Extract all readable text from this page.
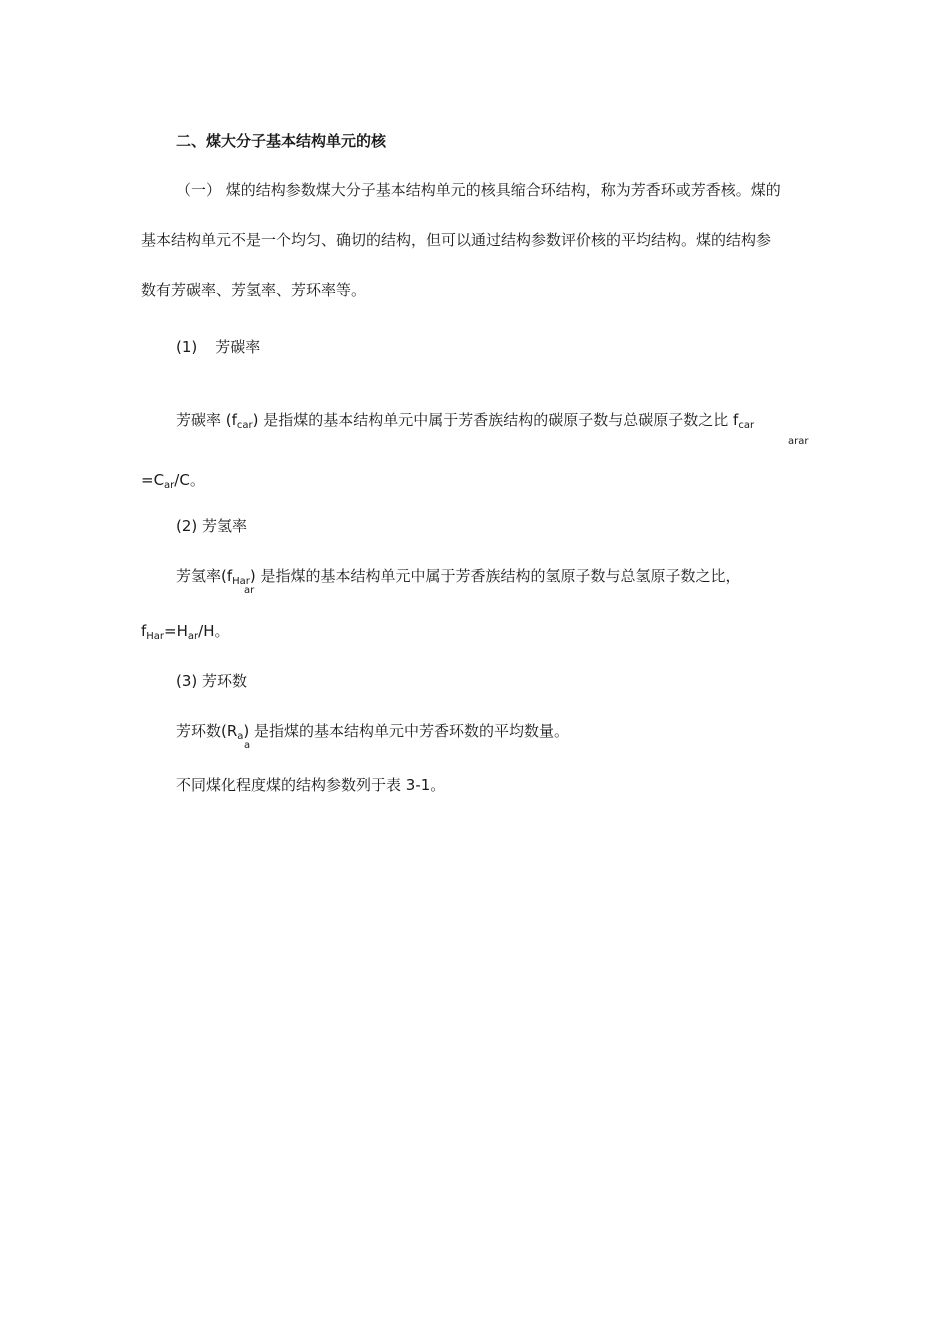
二、煤大分子基本结构单元的核
（一） 煤的结构参数煤大分子基本结构单元的核具缩合环结构，称为芳香环或芳香核。煤的
基本结构单元不是一个均匀、确切的结构，但可以通过结构参数评价核的平均结构。煤的结构参
数有芳碳率、芳氢率、芳环率等。
(1) 芳碳率
芳碳率 $(f_{car})$ 是指煤的基本结构单元中属于芳香族结构的碳原子数与总碳原子数之比 $f_{car}$
arar
$=C_{ar}/C$。
(2) 芳氢率
芳氢率$(f_{Har})$ 是指煤的基本结构单元中属于芳香族结构的氢原子数与总氢原子数之比，
ar
$f_{Har}=H_{ar}/H$。
(3) 芳环数
芳环数$(R_a)$ 是指煤的基本结构单元中芳香环数的平均数量。
a
不同煤化程度煤的结构参数列于表 3-1。
